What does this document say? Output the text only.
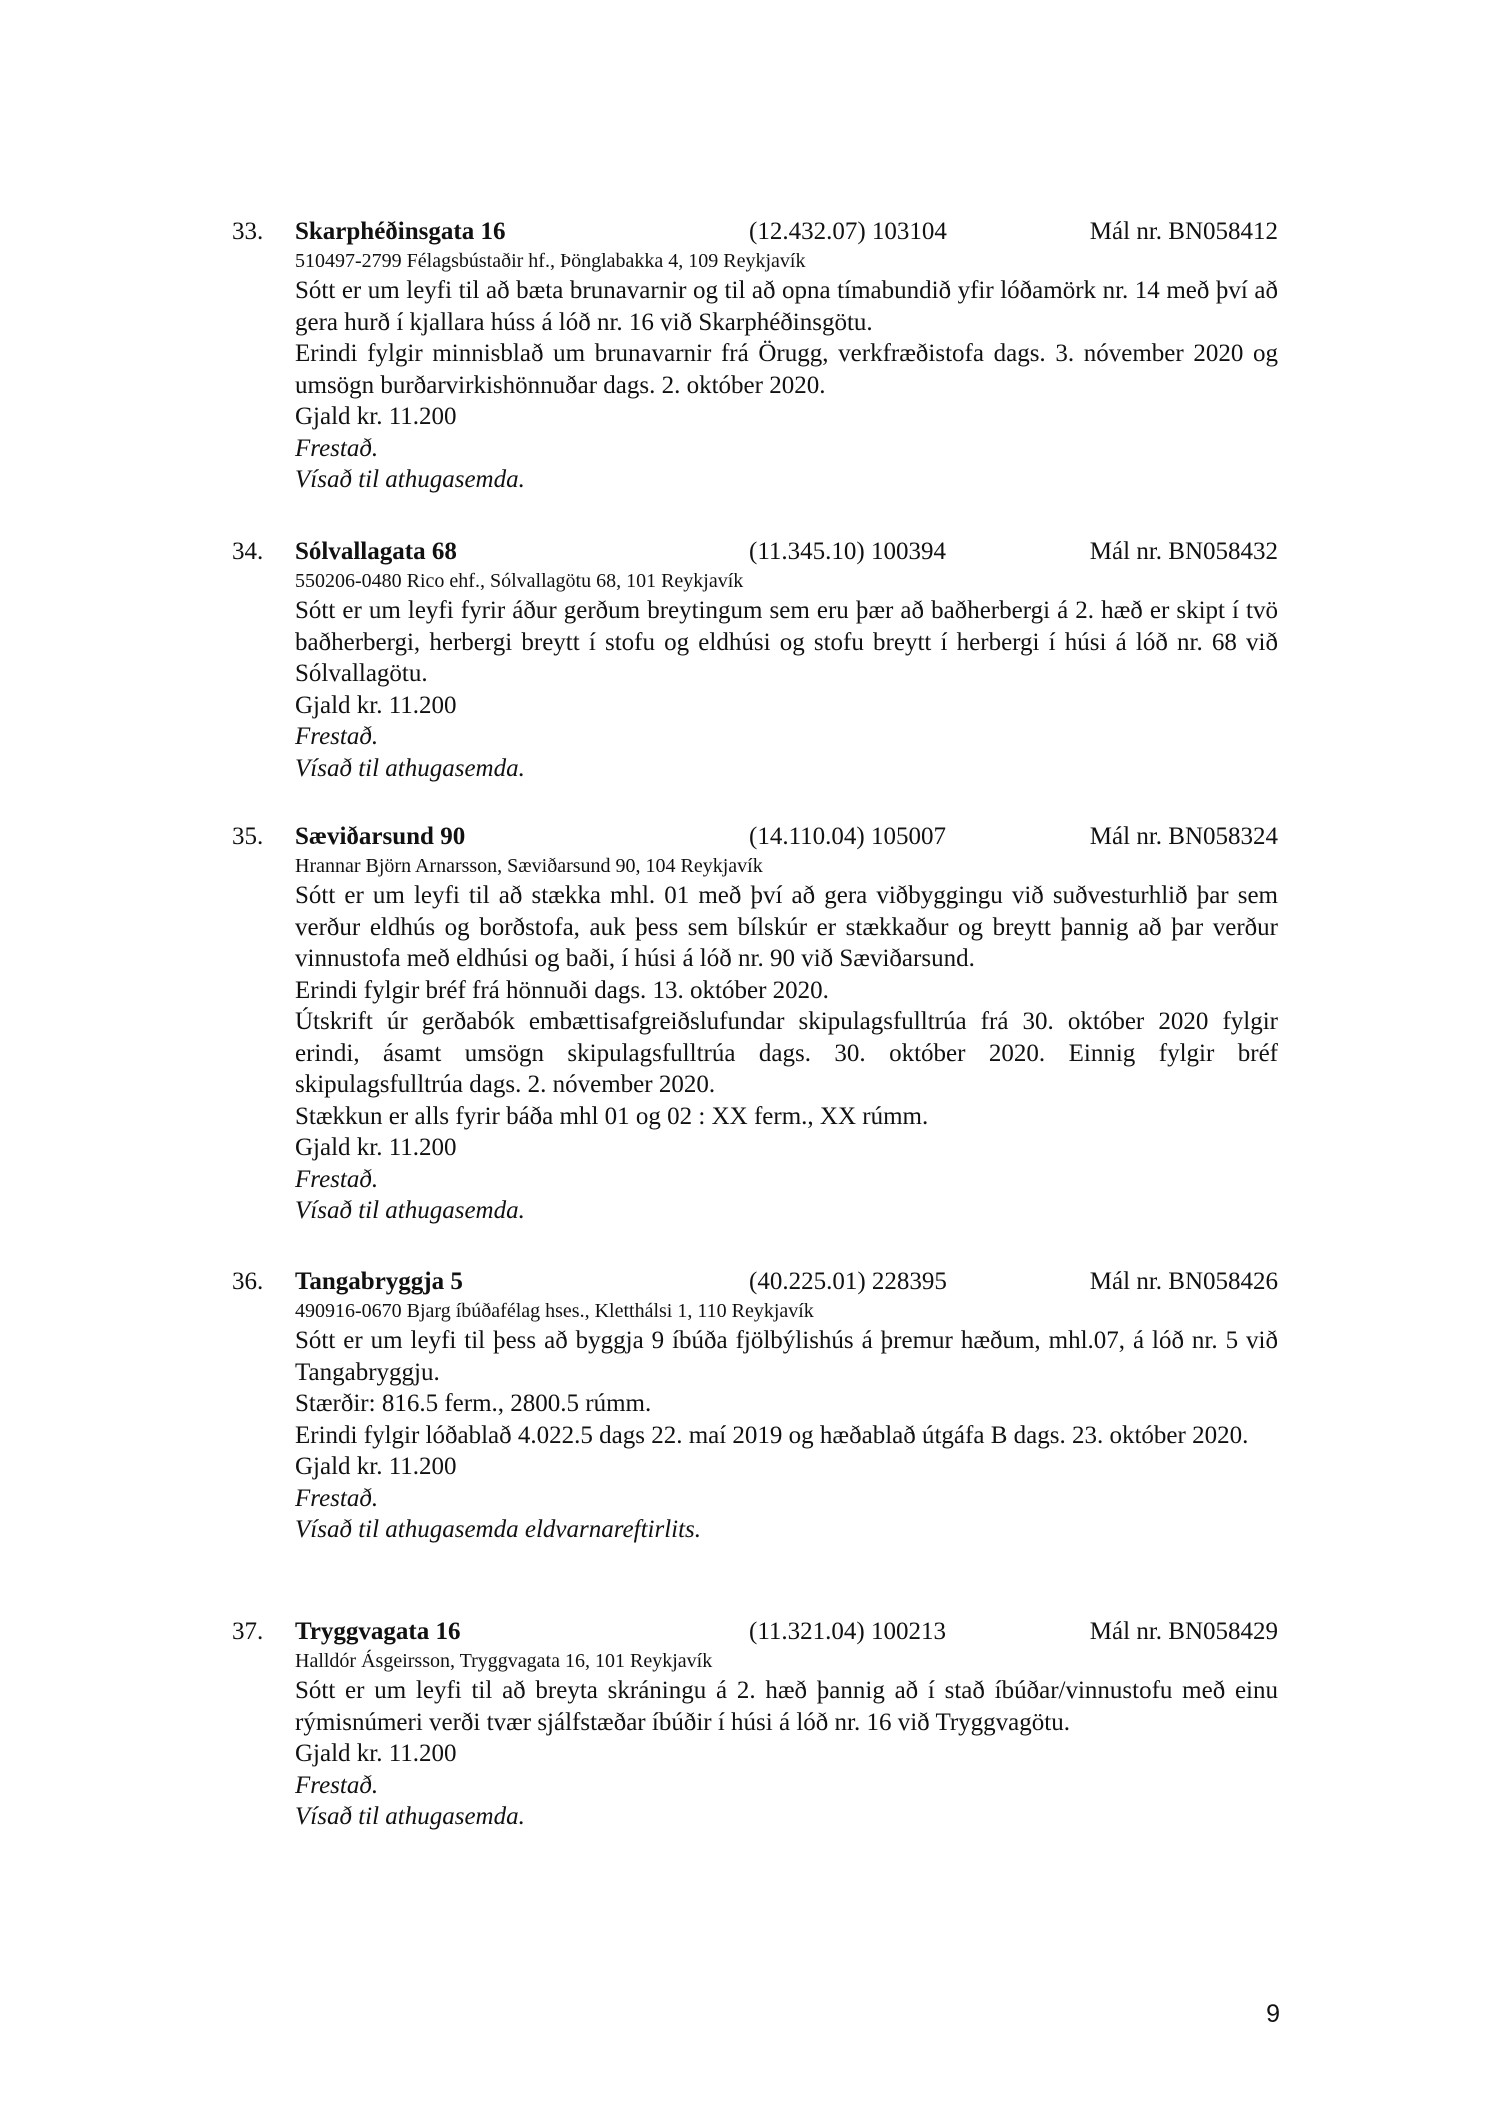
33. Skarphéðinsgata 16	(12.432.07) 103104	Mál nr. BN058412
510497-2799 Félagsbústaðir hf., Þönglabakka 4, 109 Reykjavík
Sótt er um leyfi til að bæta brunavarnir og til að opna tímabundið yfir lóðamörk nr. 14 með því að gera hurð í kjallara húss á lóð nr. 16 við Skarphéðinsgötu.
Erindi fylgir minnisblað um brunavarnir frá Örugg, verkfræðistofa dags. 3. nóvember 2020 og umsögn burðarvirkishönnuðar dags. 2. október 2020.
Gjald kr. 11.200
Frestað.
Vísað til athugasemda.
34. Sólvallagata 68	(11.345.10) 100394	Mál nr. BN058432
550206-0480 Rico ehf., Sólvallagötu 68, 101 Reykjavík
Sótt er um leyfi fyrir áður gerðum breytingum sem eru þær að baðherbergi á 2. hæð er skipt í tvö baðherbergi, herbergi breytt í stofu og eldhúsi og stofu breytt í herbergi í húsi á lóð nr. 68 við Sólvallagötu.
Gjald kr. 11.200
Frestað.
Vísað til athugasemda.
35. Sæviðarsund 90	(14.110.04) 105007	Mál nr. BN058324
Hrannar Björn Arnarsson, Sæviðarsund 90, 104 Reykjavík
Sótt er um leyfi til að stækka mhl. 01 með því að gera viðbyggingu við suðvesturhlið þar sem verður eldhús og borðstofa, auk þess sem bílskúr er stækkaður og breytt þannig að þar verður vinnustofa með eldhúsi og baði, í húsi á lóð nr. 90 við Sæviðarsund.
Erindi fylgir bréf frá hönnuði dags. 13. október 2020.
Útskrift úr gerðabók embættisafgreiðslufundar skipulagsfulltrúa frá 30. október 2020 fylgir erindi, ásamt umsögn skipulagsfulltrúa dags. 30. október 2020. Einnig fylgir bréf skipulagsfulltrúa dags. 2. nóvember 2020.
Stækkun er alls fyrir báða mhl 01 og 02 : XX ferm., XX rúmm.
Gjald kr. 11.200
Frestað.
Vísað til athugasemda.
36. Tangabryggja 5	(40.225.01) 228395	Mál nr. BN058426
490916-0670 Bjarg íbúðafélag hses., Kletthálsi 1, 110 Reykjavík
Sótt er um leyfi til þess að byggja 9 íbúða fjölbýlishús á þremur hæðum, mhl.07, á lóð nr. 5 við Tangabryggju.
Stærðir: 816.5 ferm., 2800.5 rúmm.
Erindi fylgir lóðablað 4.022.5 dags 22. maí 2019 og hæðablað útgáfa B dags. 23. október 2020.
Gjald kr. 11.200
Frestað.
Vísað til athugasemda eldvarnareftirlits.
37. Tryggvagata 16	(11.321.04) 100213	Mál nr. BN058429
Halldór Ásgeirsson, Tryggvagata 16, 101 Reykjavík
Sótt er um leyfi til að breyta skráningu á 2. hæð þannig að í stað íbúðar/vinnustofu með einu rýmisnúmeri verði tvær sjálfstæðar íbúðir í húsi á lóð nr. 16 við Tryggvagötu.
Gjald kr. 11.200
Frestað.
Vísað til athugasemda.
9
